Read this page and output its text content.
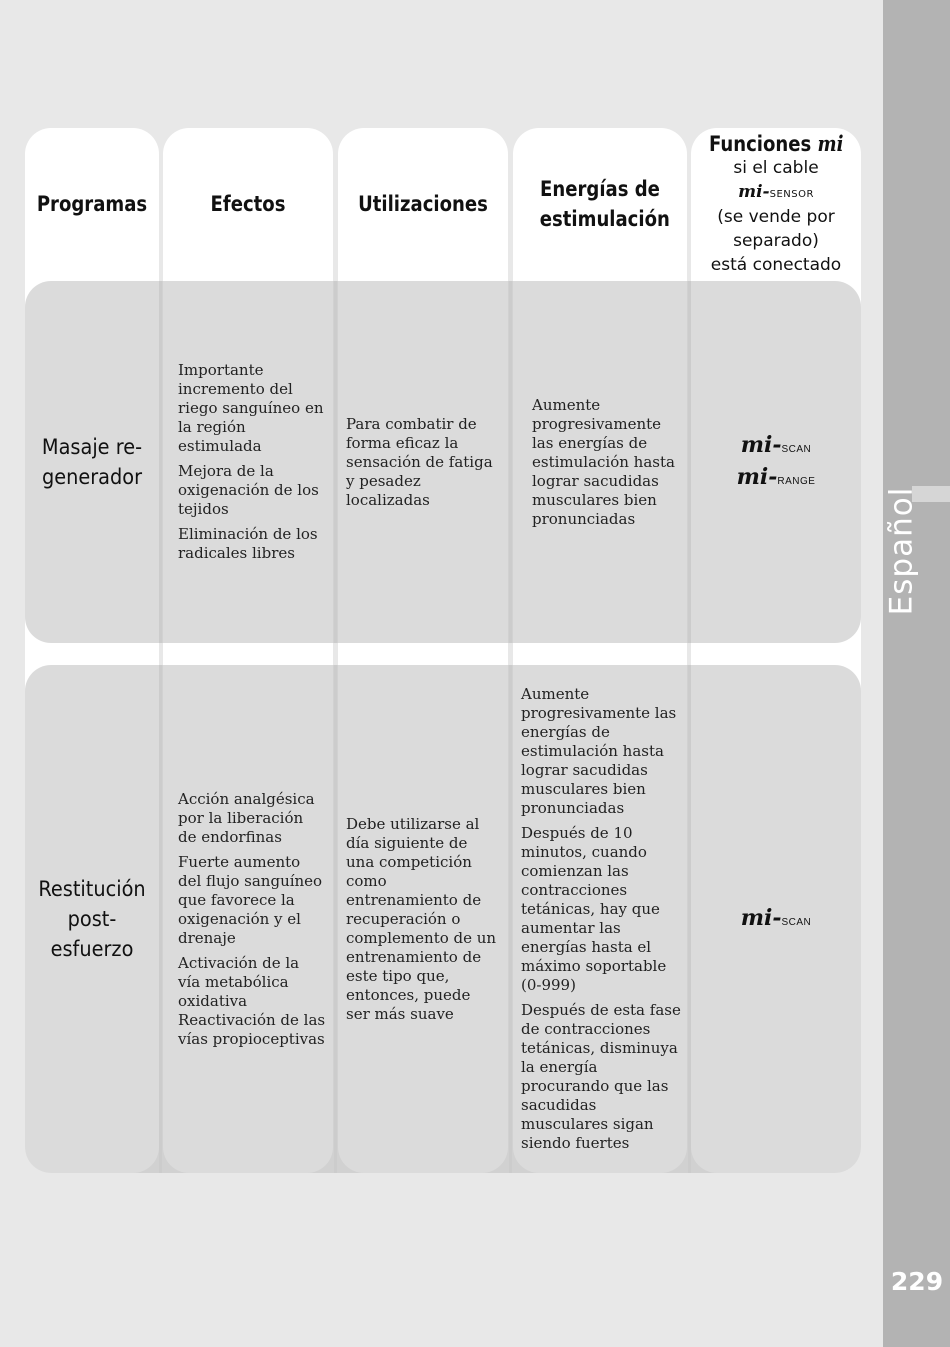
Español
229
Programas	Efectos	Utilizaciones
Energías de estimulación
Funciones mi
si el cable
mi-sensor
(se vende por separado)
está conectado
Masaje re- generador

Importante incremento del riego sanguíneo en la región estimulada

Mejora de la oxigenación de los tejidos

Eliminación de los radicales libres

Para combatir de forma eficaz la sensación de fatiga y pesadez localizadas

Aumente progresivamente las energías de estimulación hasta lograr sacudidas musculares bien pronunciadas

mi-scan
mi-range
Restitución post- esfuerzo

Acción analgésica por la liberación de endorfinas

Fuerte aumento del flujo sanguíneo que favorece la oxigenación y el drenaje

Activación de la vía metabólica oxidativa Reactivación de las vías propioceptivas

Debe utilizarse al día siguiente de una competición como entrenamiento de recuperación o complemento de un entrenamiento de este tipo que, entonces, puede ser más suave

Aumente progresivamente las energías de estimulación hasta lograr sacudidas musculares bien pronunciadas

Después de 10 minutos, cuando comienzan las contracciones tetánicas, hay que aumentar las energías hasta el máximo soportable (0-999)

Después de esta fase de contracciones tetánicas, disminuya la energía procurando que las sacudidas musculares sigan siendo fuertes

mi-scan
